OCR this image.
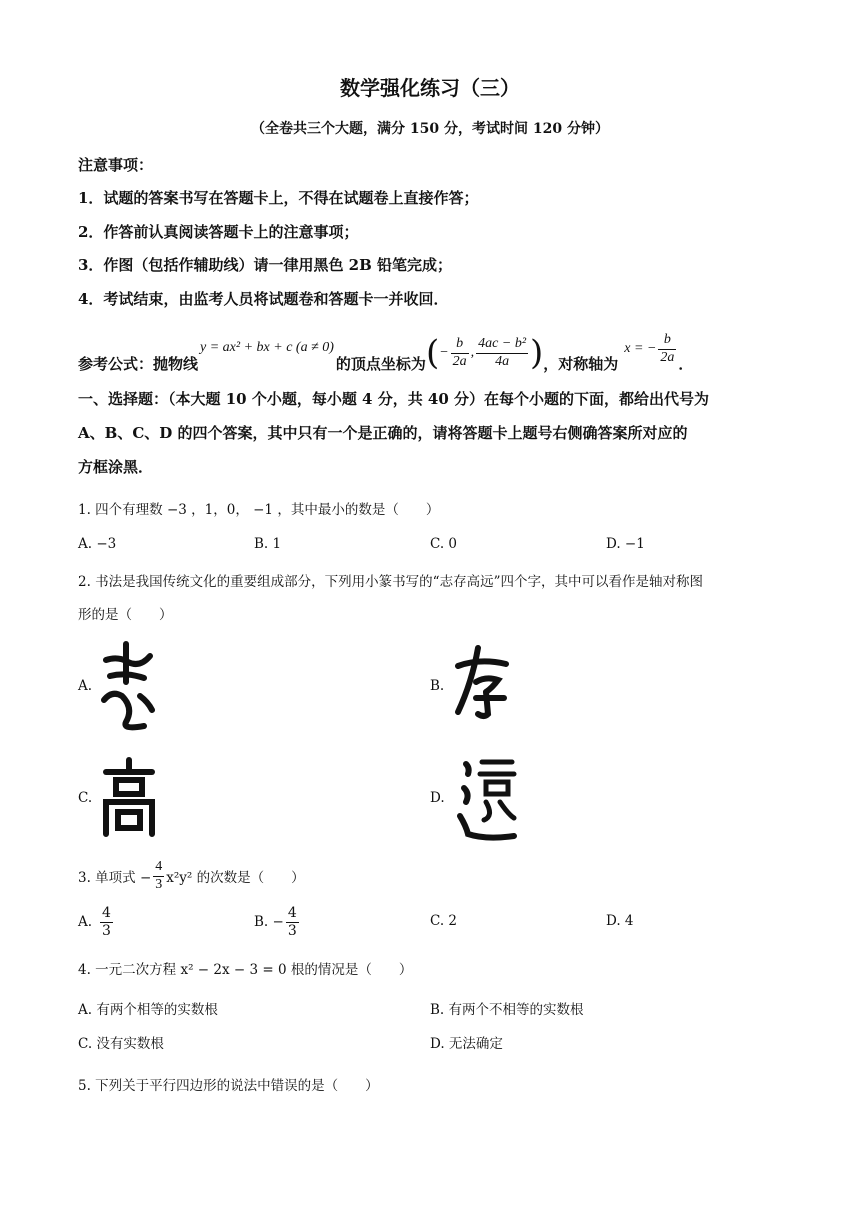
数学强化练习（三）
（全卷共三个大题，满分 150 分，考试时间 120 分钟）
注意事项：
1．试题的答案书写在答题卡上，不得在试题卷上直接作答；
2．作答前认真阅读答题卡上的注意事项；
3．作图（包括作辅助线）请一律用黑色 2B 铅笔完成；
4．考试结束，由监考人员将试题卷和答题卡一并收回．
参考公式：抛物线
y = ax² + bx + c (a ≠ 0)
的顶点坐标为 ( − $\frac{b}{2a}$ , $\frac{\text{4ac − b²}}{4a}$ ) ，对称轴为
x = − $\frac{b}{2a}$ ．
一、选择题：（本大题 10 个小题，每小题 4 分，共 40 分）在每个小题的下面，都给出代号为
A、B、C、D 的四个答案，其中只有一个是正确的，请将答题卡上题号右侧确答案所对应的
方框涂黑．
1. 四个有理数 −3 ，1，0， −1 ，其中最小的数是（　　）
A. −3	B. 1	C. 0	D. −1
2. 书法是我国传统文化的重要组成部分，下列用小篆书写的“志存高远”四个字，其中可以看作是轴对称图
形的是（　　）
A.	B.
C.	D.
3. 单项式 − $\frac{4}{3} x^2y^2$ 的次数是（　　）
A. $\frac{4}{3}$	B. − $\frac{4}{3}$	C. 2	D. 4
4. 一元二次方程 x² − 2x − 3 = 0 根的情况是（　　）
A. 有两个相等的实数根	B. 有两个不相等的实数根
C. 没有实数根	D. 无法确定
5. 下列关于平行四边形的说法中错误的是（　　）
